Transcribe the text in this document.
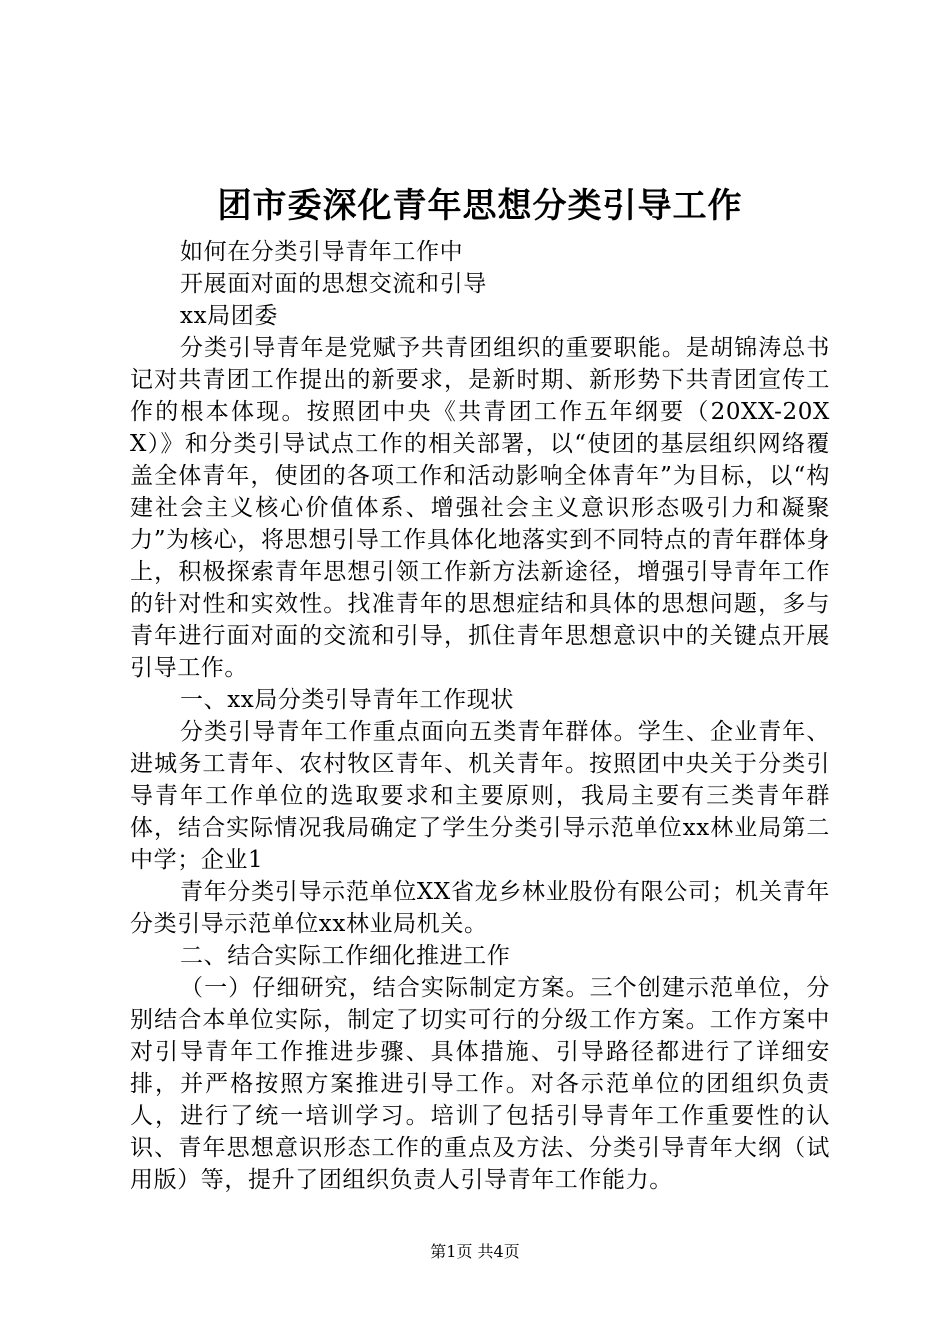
团市委深化青年思想分类引导工作
如何在分类引导青年工作中
开展面对面的思想交流和引导
xx局团委

分类引导青年是党赋予共青团组织的重要职能。是胡锦涛总书记对共青团工作提出的新要求，是新时期、新形势下共青团宣传工作的根本体现。按照团中央《共青团工作五年纲要（20XX-20XX）》和分类引导试点工作的相关部署，以“使团的基层组织网络覆盖全体青年，使团的各项工作和活动影响全体青年”为目标，以“构建社会主义核心价值体系、增强社会主义意识形态吸引力和凝聚力”为核心，将思想引导工作具体化地落实到不同特点的青年群体身上，积极探索青年思想引领工作新方法新途径，增强引导青年工作的针对性和实效性。找准青年的思想症结和具体的思想问题，多与青年进行面对面的交流和引导，抓住青年思想意识中的关键点开展引导工作。

一、xx局分类引导青年工作现状

分类引导青年工作重点面向五类青年群体。学生、企业青年、进城务工青年、农村牧区青年、机关青年。按照团中央关于分类引导青年工作单位的选取要求和主要原则，我局主要有三类青年群体，结合实际情况我局确定了学生分类引导示范单位xx林业局第二中学；企业1

青年分类引导示范单位XX省龙乡林业股份有限公司；机关青年分类引导示范单位xx林业局机关。

二、结合实际工作细化推进工作

（一）仔细研究，结合实际制定方案。三个创建示范单位，分别结合本单位实际，制定了切实可行的分级工作方案。工作方案中对引导青年工作推进步骤、具体措施、引导路径都进行了详细安排，并严格按照方案推进引导工作。对各示范单位的团组织负责人，进行了统一培训学习。培训了包括引导青年工作重要性的认识、青年思想意识形态工作的重点及方法、分类引导青年大纲（试用版）等，提升了团组织负责人引导青年工作能力。

第1页 共4页
